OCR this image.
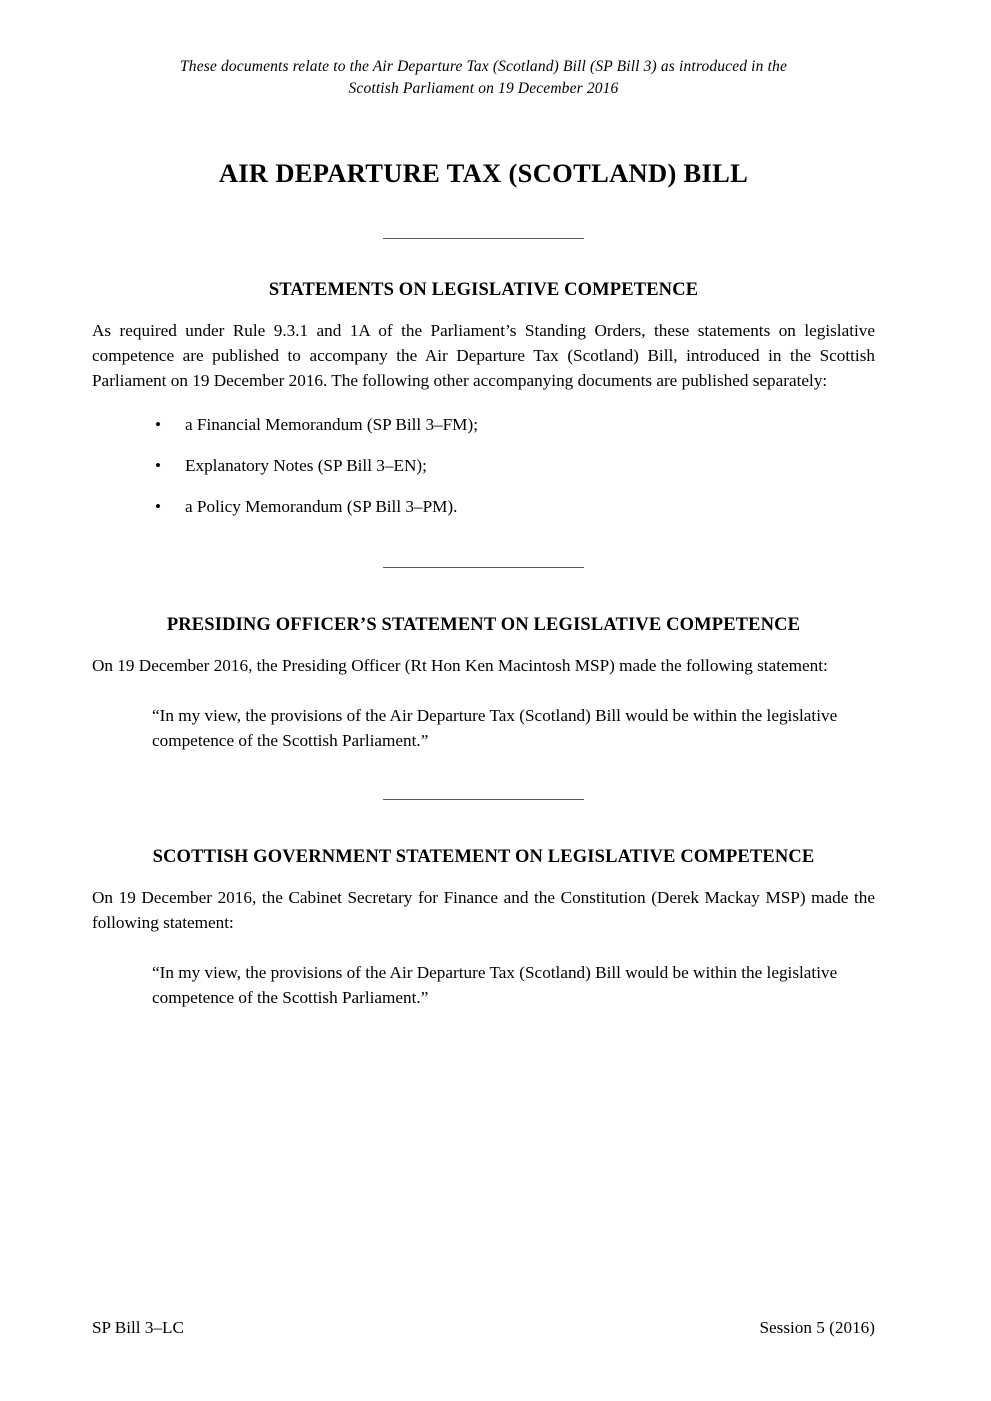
These documents relate to the Air Departure Tax (Scotland) Bill (SP Bill 3) as introduced in the
Scottish Parliament on 19 December 2016
AIR DEPARTURE TAX (SCOTLAND) BILL
STATEMENTS ON LEGISLATIVE COMPETENCE

As required under Rule 9.3.1 and 1A of the Parliament’s Standing Orders, these statements on legislative competence are published to accompany the Air Departure Tax (Scotland) Bill, introduced in the Scottish Parliament on 19 December 2016. The following other accompanying documents are published separately:

• a Financial Memorandum (SP Bill 3–FM);
• Explanatory Notes (SP Bill 3–EN);
• a Policy Memorandum (SP Bill 3–PM).
PRESIDING OFFICER’S STATEMENT ON LEGISLATIVE COMPETENCE

On 19 December 2016, the Presiding Officer (Rt Hon Ken Macintosh MSP) made the following statement:

“In my view, the provisions of the Air Departure Tax (Scotland) Bill would be within the legislative competence of the Scottish Parliament.”
SCOTTISH GOVERNMENT STATEMENT ON LEGISLATIVE COMPETENCE

On 19 December 2016, the Cabinet Secretary for Finance and the Constitution (Derek Mackay MSP) made the following statement:

“In my view, the provisions of the Air Departure Tax (Scotland) Bill would be within the legislative competence of the Scottish Parliament.”
SP Bill 3–LC	Session 5 (2016)
